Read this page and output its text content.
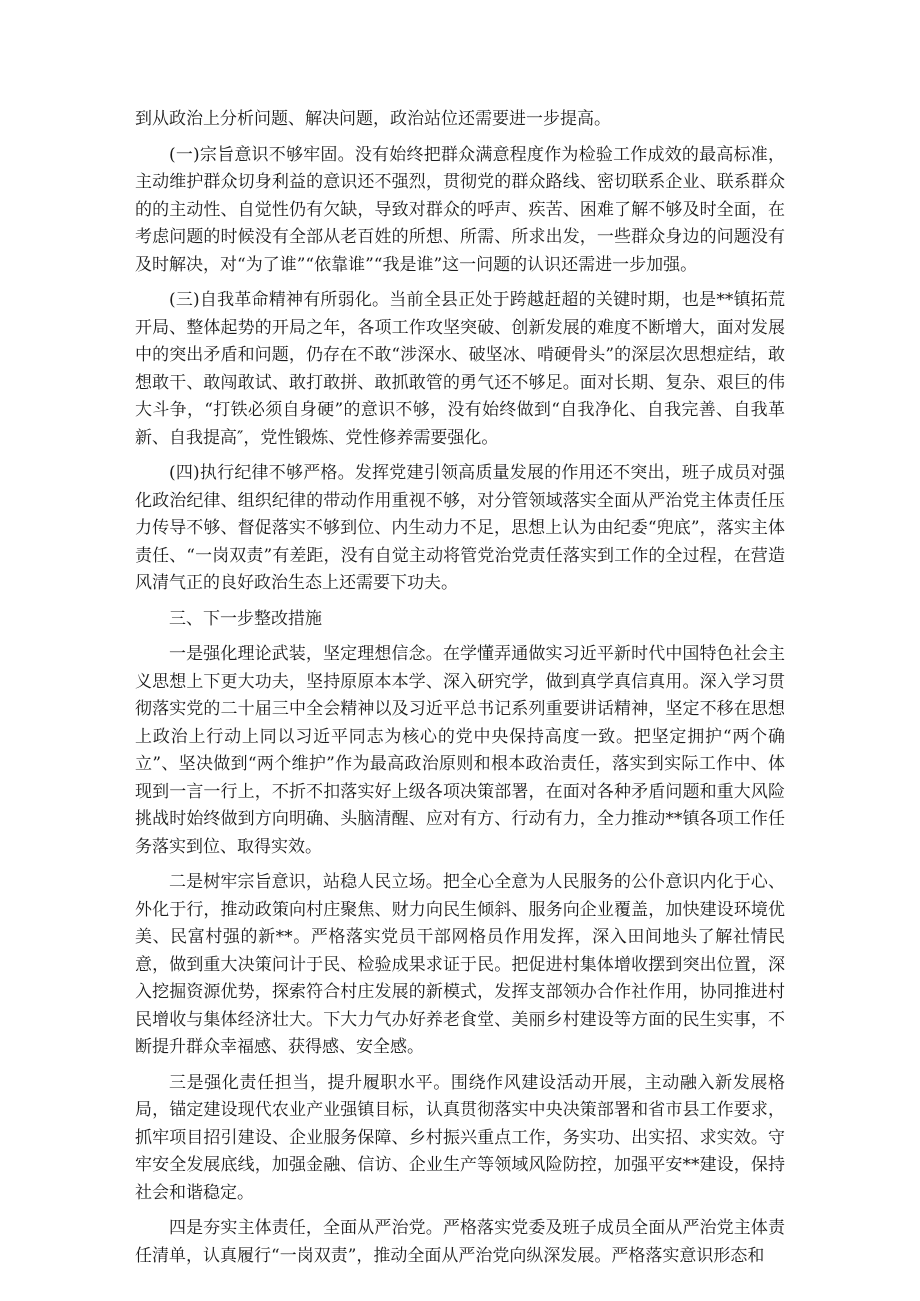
到从政治上分析问题、解决问题，政治站位还需要进一步提高。

(一)宗旨意识不够牢固。没有始终把群众满意程度作为检验工作成效的最高标准，主动维护群众切身利益的意识还不强烈，贯彻党的群众路线、密切联系企业、联系群众的的主动性、自觉性仍有欠缺，导致对群众的呼声、疾苦、困难了解不够及时全面，在考虑问题的时候没有全部从老百姓的所想、所需、所求出发，一些群众身边的问题没有及时解决，对“为了谁”“依靠谁”“我是谁”这一问题的认识还需进一步加强。

(三)自我革命精神有所弱化。当前全县正处于跨越赶超的关键时期，也是**镇拓荒开局、整体起势的开局之年，各项工作攻坚突破、创新发展的难度不断增大，面对发展中的突出矛盾和问题，仍存在不敢“涉深水、破坚冰、啃硬骨头”的深层次思想症结，敢想敢干、敢闯敢试、敢打敢拼、敢抓敢管的勇气还不够足。面对长期、复杂、艰巨的伟大斗争，“打铁必须自身硬”的意识不够，没有始终做到“自我净化、自我完善、自我革新、自我提高″，党性锻炼、党性修养需要强化。

(四)执行纪律不够严格。发挥党建引领高质量发展的作用还不突出，班子成员对强化政治纪律、组织纪律的带动作用重视不够，对分管领域落实全面从严治党主体责任压力传导不够、督促落实不够到位、内生动力不足，思想上认为由纪委“兜底”，落实主体责任、“一岗双责”有差距，没有自觉主动将管党治党责任落实到工作的全过程，在营造风清气正的良好政治生态上还需要下功夫。

三、下一步整改措施

一是强化理论武装，坚定理想信念。在学懂弄通做实习近平新时代中国特色社会主义思想上下更大功夫，坚持原原本本学、深入研究学，做到真学真信真用。深入学习贯彻落实党的二十届三中全会精神以及习近平总书记系列重要讲话精神，坚定不移在思想上政治上行动上同以习近平同志为核心的党中央保持高度一致。把坚定拥护“两个确立”、坚决做到“两个维护”作为最高政治原则和根本政治责任，落实到实际工作中、体现到一言一行上，不折不扣落实好上级各项决策部署，在面对各种矛盾问题和重大风险挑战时始终做到方向明确、头脑清醒、应对有方、行动有力，全力推动**镇各项工作任务落实到位、取得实效。

二是树牢宗旨意识，站稳人民立场。把全心全意为人民服务的公仆意识内化于心、外化于行，推动政策向村庄聚焦、财力向民生倾斜、服务向企业覆盖，加快建设环境优美、民富村强的新**。严格落实党员干部网格员作用发挥，深入田间地头了解社情民意，做到重大决策问计于民、检验成果求证于民。把促进村集体增收摆到突出位置，深入挖掘资源优势，探索符合村庄发展的新模式，发挥支部领办合作社作用，协同推进村民增收与集体经济壮大。下大力气办好养老食堂、美丽乡村建设等方面的民生实事，不断提升群众幸福感、获得感、安全感。

三是强化责任担当，提升履职水平。围绕作风建设活动开展，主动融入新发展格局，锚定建设现代农业产业强镇目标，认真贯彻落实中央决策部署和省市县工作要求，抓牢项目招引建设、企业服务保障、乡村振兴重点工作，务实功、出实招、求实效。守牢安全发展底线，加强金融、信访、企业生产等领域风险防控，加强平安**建设，保持社会和谐稳定。

四是夯实主体责任，全面从严治党。严格落实党委及班子成员全面从严治党主体责任清单，认真履行“一岗双责”，推动全面从严治党向纵深发展。严格落实意识形态和
